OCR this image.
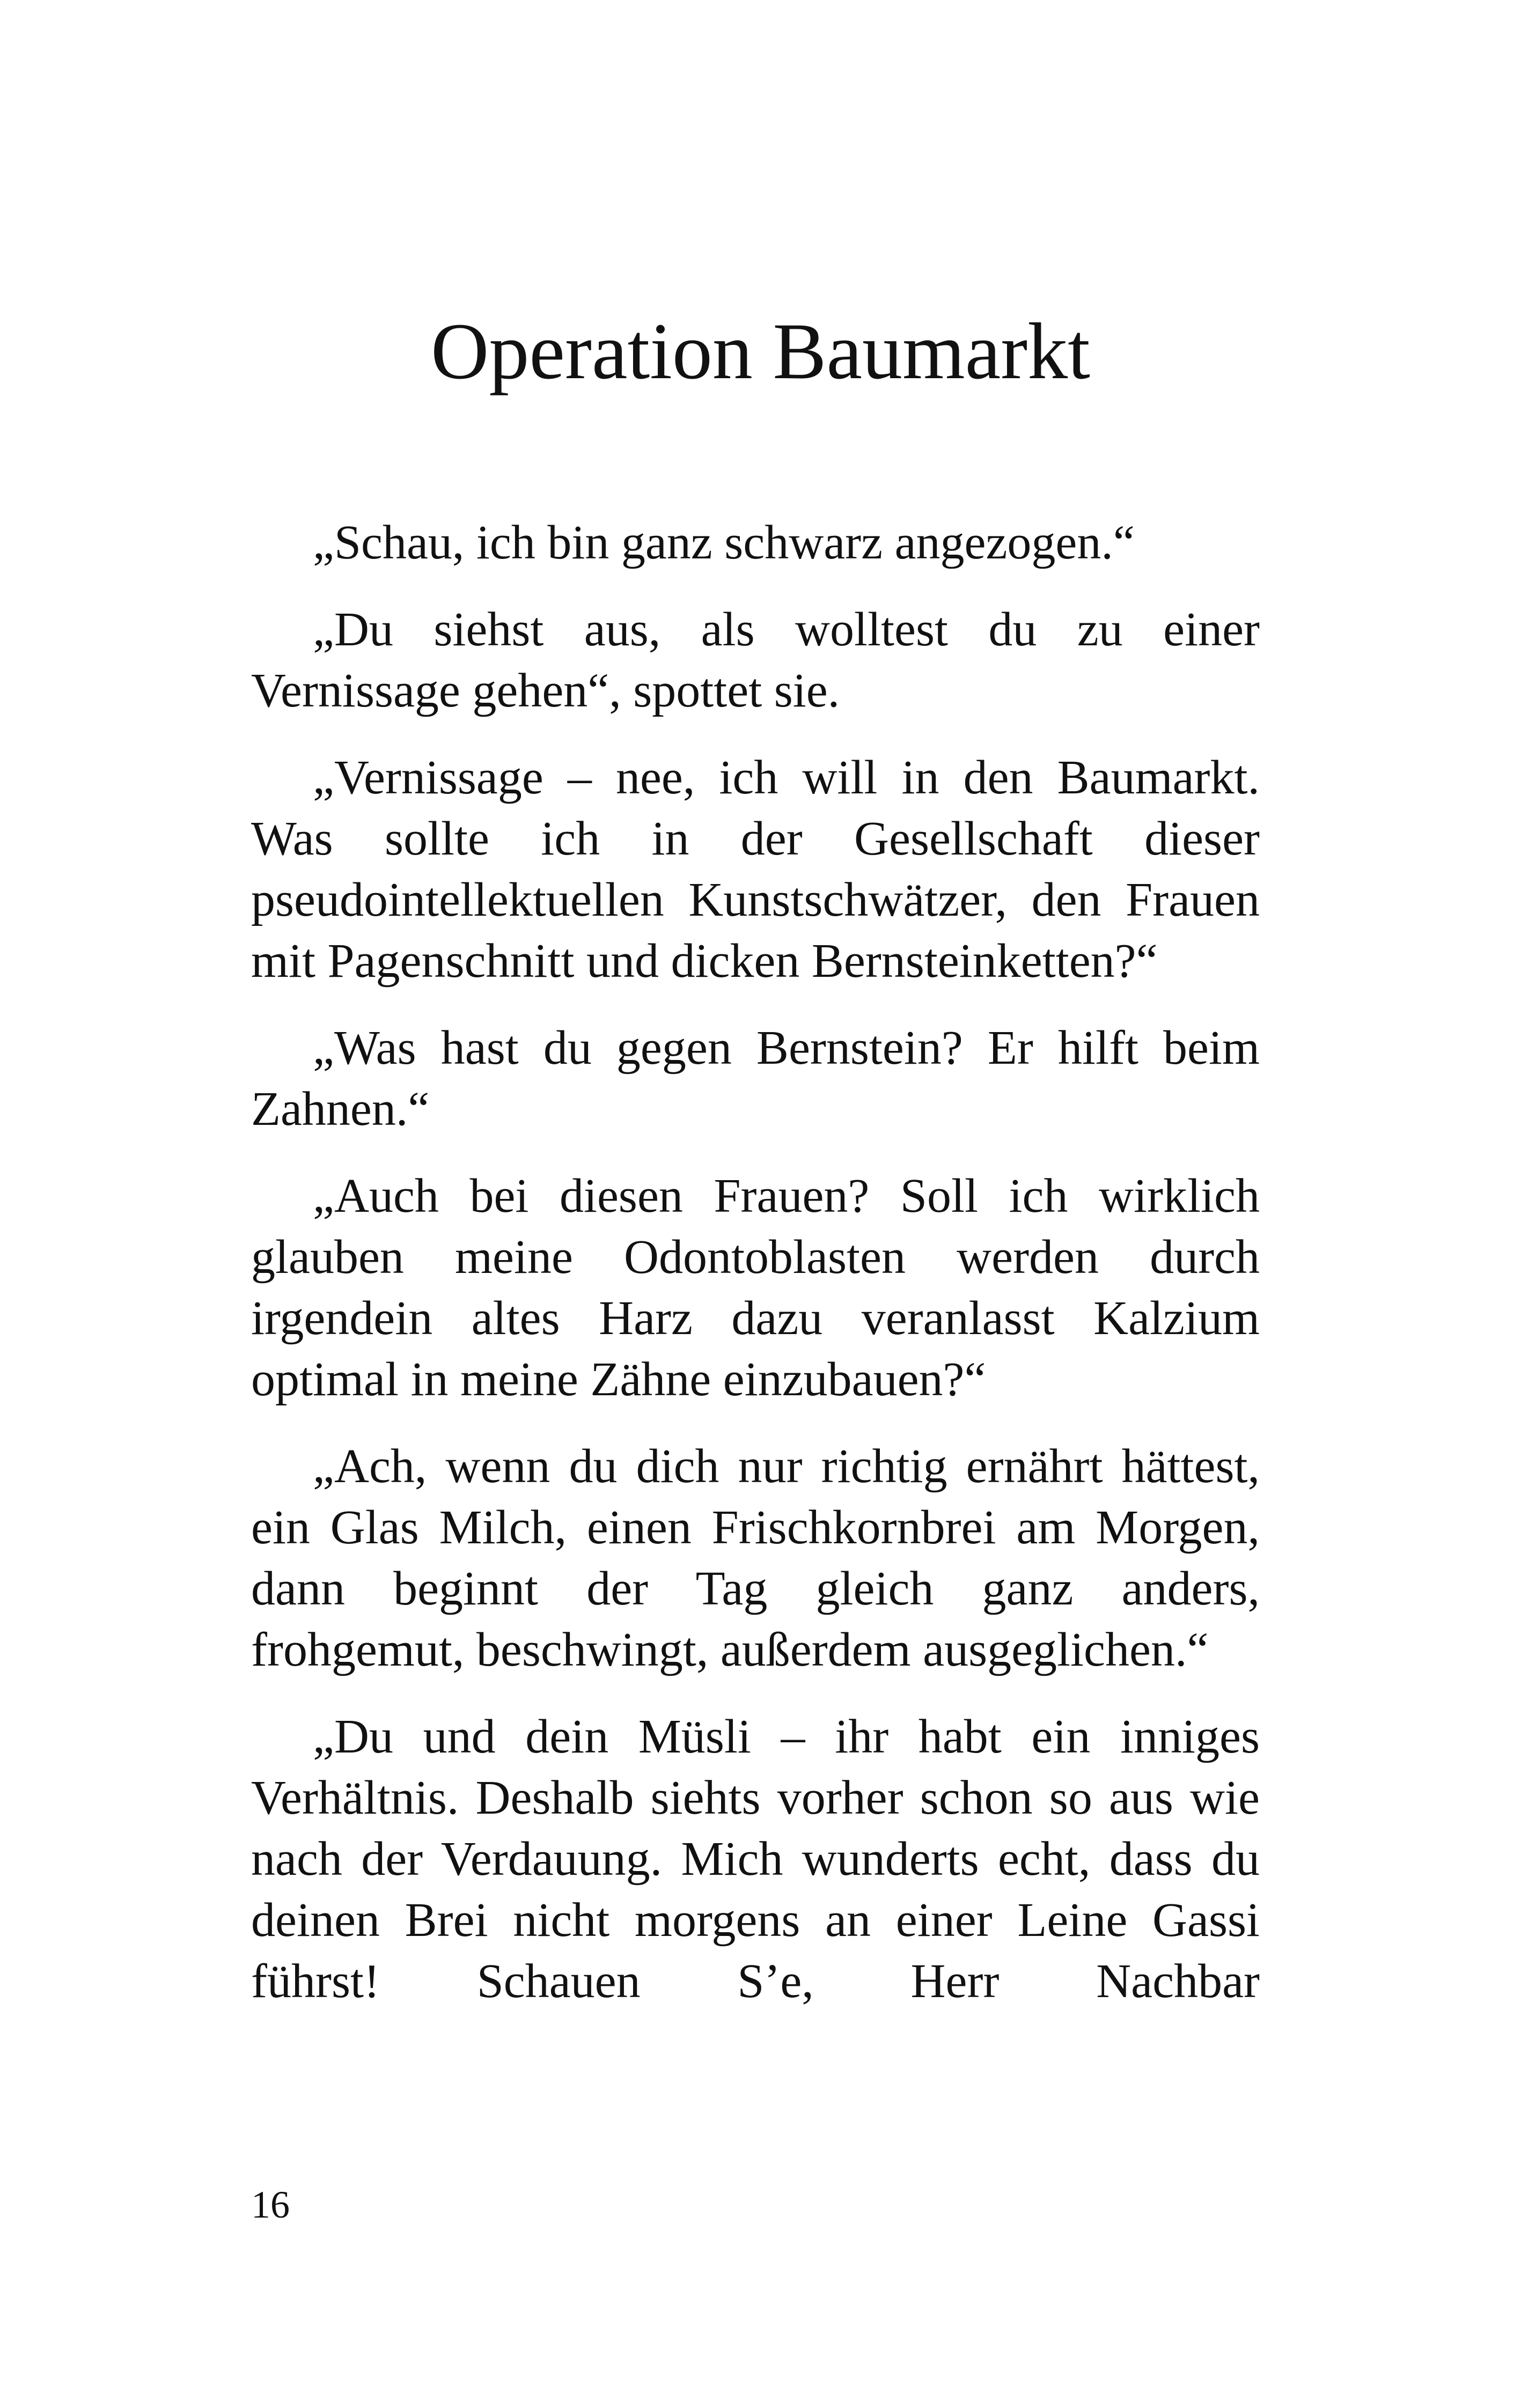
Operation Baumarkt

„Schau, ich bin ganz schwarz angezogen.“

„Du siehst aus, als wolltest du zu einer Vernissage gehen“, spottet sie.

„Vernissage – nee, ich will in den Baumarkt. Was sollte ich in der Gesellschaft dieser pseudointellektuellen Kunstschwätzer, den Frauen mit Pagenschnitt und dicken Bernsteinketten?“

„Was hast du gegen Bernstein? Er hilft beim Zahnen.“

„Auch bei diesen Frauen? Soll ich wirklich glauben meine Odontoblasten werden durch irgendein altes Harz dazu veranlasst Kalzium optimal in meine Zähne einzubauen?“

„Ach, wenn du dich nur richtig ernährt hättest, ein Glas Milch, einen Frischkornbrei am Morgen, dann beginnt der Tag gleich ganz anders, frohgemut, beschwingt, außerdem ausgeglichen.“

„Du und dein Müsli – ihr habt ein inniges Verhältnis. Deshalb siehts vorher schon so aus wie nach der Verdauung. Mich wunderts echt, dass du deinen Brei nicht morgens an einer Leine Gassi führst! Schauen S’e, Herr Nachbar

16
